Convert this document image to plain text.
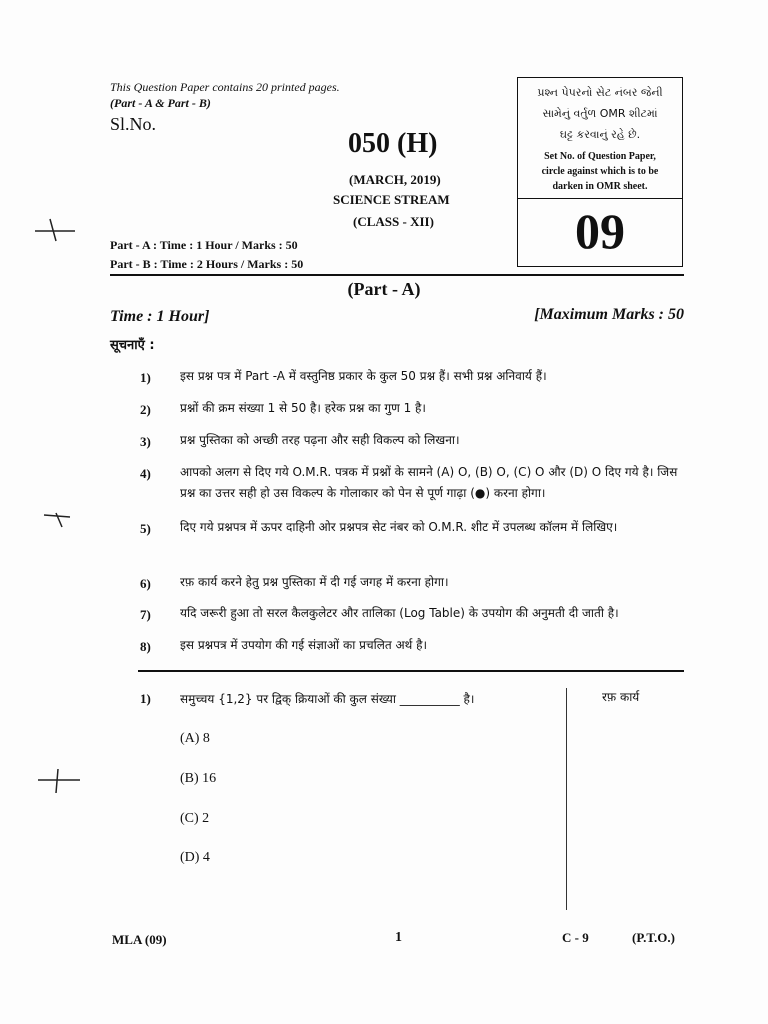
This Question Paper contains 20 printed pages.
(Part - A & Part - B)
Sl.No.
050 (H)
(MARCH, 2019)
SCIENCE STREAM
(CLASS - XII)
પ્રશ્ન પેપરનો સેટ નંબર જેની
સામેનું વર્તુળ OMR શીટમાં
ઘટ્ટ કરવાનું રહે છે.
Set No. of Question Paper,
circle against which is to be
darken in OMR sheet.
09
Part - A : Time : 1 Hour / Marks : 50
Part - B : Time : 2 Hours / Marks : 50
(Part - A)
Time : 1 Hour]	[Maximum Marks : 50
सूचनाएँ :
1) इस प्रश्न पत्र में Part -A में वस्तुनिष्ठ प्रकार के कुल 50 प्रश्न हैं। सभी प्रश्न अनिवार्य हैं।
2) प्रश्नों की क्रम संख्या 1 से 50 है। हरेक प्रश्न का गुण 1 है।
3) प्रश्न पुस्तिका को अच्छी तरह पढ़ना और सही विकल्प को लिखना।
4) आपको अलग से दिए गये O.M.R. पत्रक में प्रश्नों के सामने (A) O, (B) O, (C) O और (D) O दिए गये है। जिस प्रश्न का उत्तर सही हो उस विकल्प के गोलाकार को पेन से पूर्ण गाढ़ा (●) करना होगा।
5) दिए गये प्रश्नपत्र में ऊपर दाहिनी ओर प्रश्नपत्र सेट नंबर को O.M.R. शीट में उपलब्ध कॉलम में लिखिए।
6) रफ़ कार्य करने हेतु प्रश्न पुस्तिका में दी गई जगह में करना होगा।
7) यदि जरूरी हुआ तो सरल कैलकुलेटर और तालिका (Log Table) के उपयोग की अनुमती दी जाती है।
8) इस प्रश्नपत्र में उपयोग की गई संज्ञाओं का प्रचलित अर्थ है।
1) समुच्चय {1,2} पर द्विक् क्रियाओं की कुल संख्या __________ है।	रफ़ कार्य
(A) 8
(B) 16
(C) 2
(D) 4
MLA (09)	1	C - 9	(P.T.O.)
